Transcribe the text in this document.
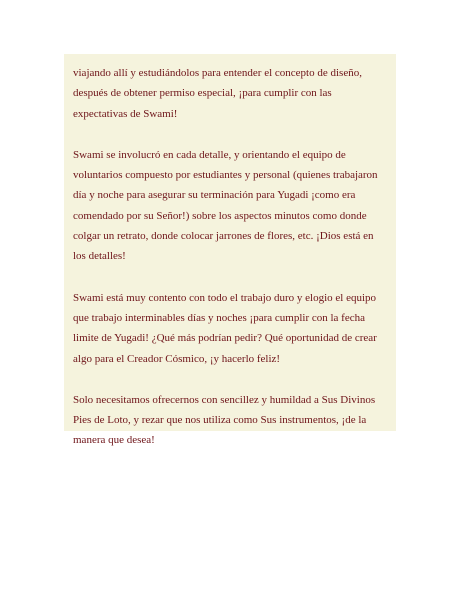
viajando allí y estudiándolos para entender el concepto de diseño,
después de obtener permiso especial, ¡para cumplir con las
expectativas de Swami!

Swami se involucró en cada detalle, y orientando el equipo de
voluntarios compuesto por estudiantes y personal (quienes trabajaron
día y noche para asegurar su terminación para Yugadi ¡como era
comendado por su Señor!) sobre los aspectos minutos como donde
colgar un retrato, donde colocar jarrones de flores, etc. ¡Dios está en
los detalles!

Swami está muy contento con todo el trabajo duro y elogio el equipo
que trabajo interminables días y noches ¡para cumplir con la fecha
limite de Yugadi! ¿Qué más podrían pedir? Qué oportunidad de crear
algo para el Creador Cósmico, ¡y hacerlo feliz!

Solo necesitamos ofrecernos con sencillez y humildad a Sus Divinos
Pies de Loto, y rezar que nos utiliza como Sus instrumentos, ¡de la
manera que desea!
